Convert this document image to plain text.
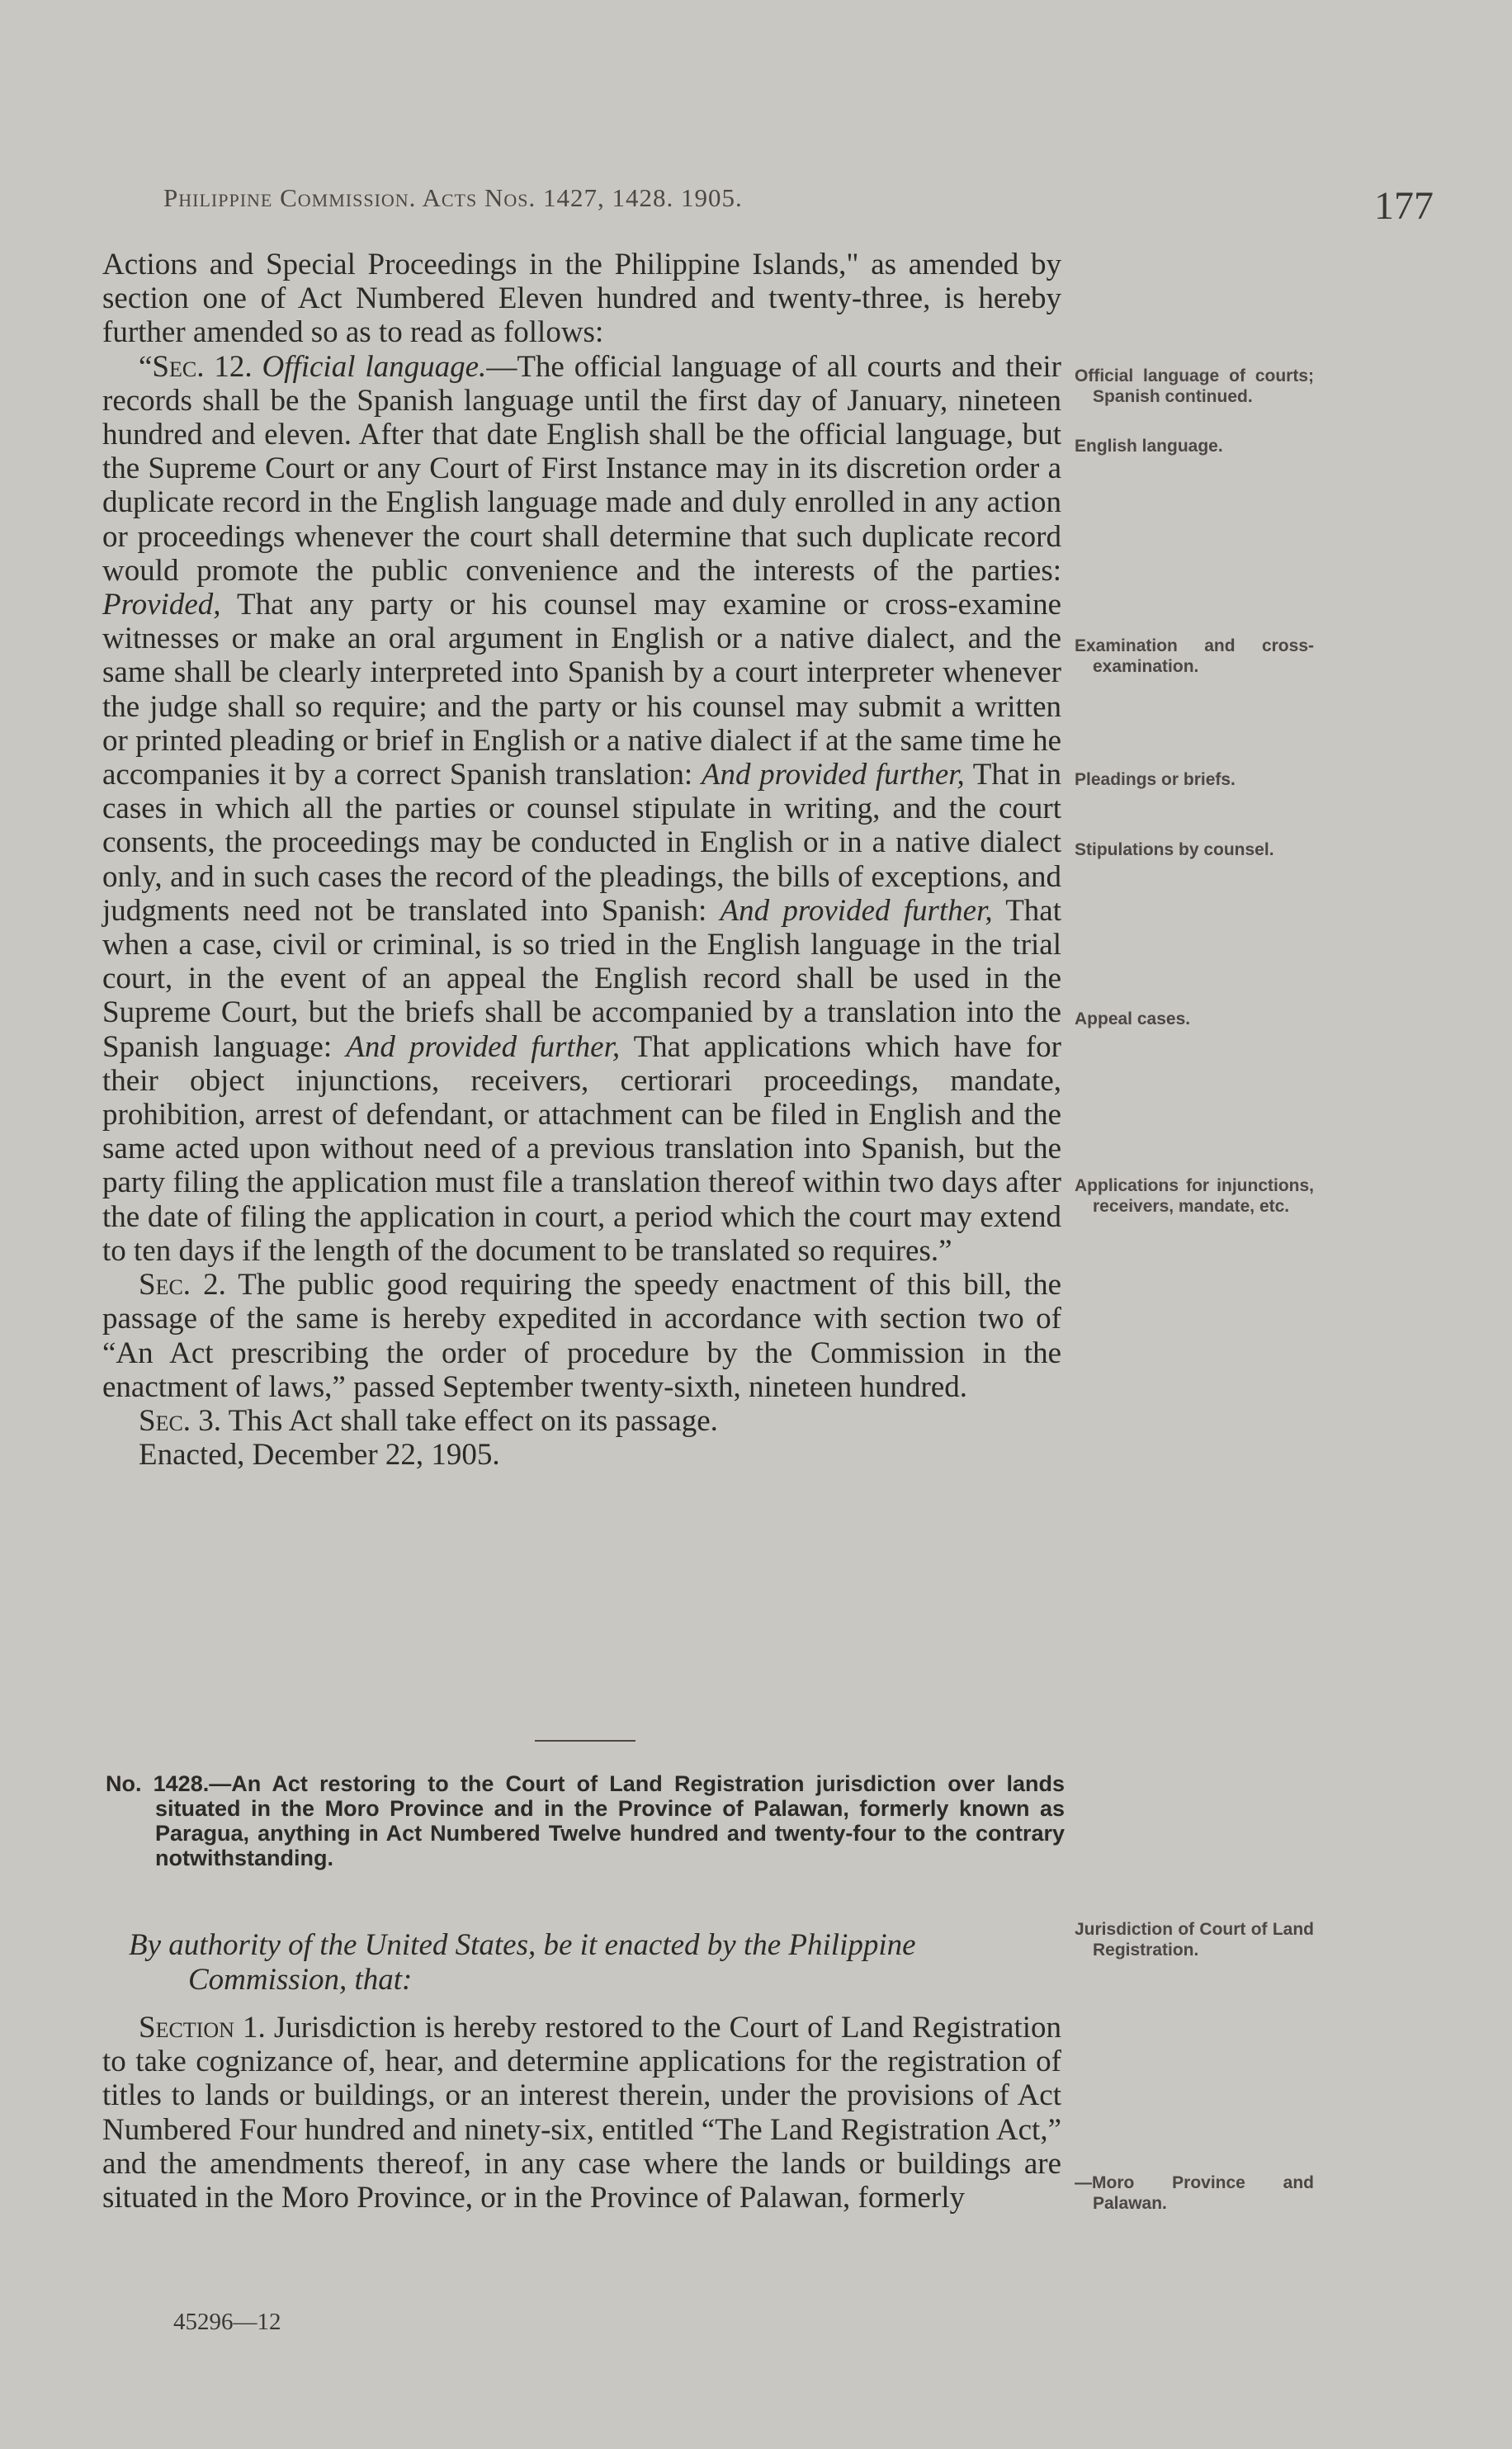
Philippine Commission. Acts Nos. 1427, 1428. 1905.	177

Actions and Special Proceedings in the Philippine Islands," as amended by section one of Act Numbered Eleven hundred and twenty-three, is hereby further amended so as to read as follows:

“Sec. 12. Official language.—The official language of all courts and their records shall be the Spanish language until the first day of January, nineteen hundred and eleven. After that date English shall be the official language, but the Supreme Court or any Court of First Instance may in its discretion order a duplicate record in the English language made and duly enrolled in any action or proceedings whenever the court shall determine that such duplicate record would promote the public convenience and the interests of the parties: Provided, That any party or his counsel may examine or cross-examine witnesses or make an oral argument in English or a native dialect, and the same shall be clearly interpreted into Spanish by a court interpreter whenever the judge shall so require; and the party or his counsel may submit a written or printed pleading or brief in English or a native dialect if at the same time he accompanies it by a correct Spanish translation: And provided further, That in cases in which all the parties or counsel stipulate in writing, and the court consents, the proceedings may be conducted in English or in a native dialect only, and in such cases the record of the pleadings, the bills of exceptions, and judgments need not be translated into Spanish: And provided further, That when a case, civil or criminal, is so tried in the English language in the trial court, in the event of an appeal the English record shall be used in the Supreme Court, but the briefs shall be accompanied by a translation into the Spanish language: And provided further, That applications which have for their object injunctions, receivers, certiorari proceedings, mandate, prohibition, arrest of defendant, or attachment can be filed in English and the same acted upon without need of a previous translation into Spanish, but the party filing the application must file a translation thereof within two days after the date of filing the application in court, a period which the court may extend to ten days if the length of the document to be translated so requires.”

Sec. 2. The public good requiring the speedy enactment of this bill, the passage of the same is hereby expedited in accordance with section two of “An Act prescribing the order of procedure by the Commission in the enactment of laws,” passed September twenty-sixth, nineteen hundred.

Sec. 3. This Act shall take effect on its passage.

Enacted, December 22, 1905.

No. 1428.—An Act restoring to the Court of Land Registration jurisdiction over lands situated in the Moro Province and in the Province of Palawan, formerly known as Paragua, anything in Act Numbered Twelve hundred and twenty-four to the contrary notwithstanding.
By authority of the United States, be it enacted by the Philippine Commission, that:

Section 1. Jurisdiction is hereby restored to the Court of Land Registration to take cognizance of, hear, and determine applications for the registration of titles to lands or buildings, or an interest therein, under the provisions of Act Numbered Four hundred and ninety-six, entitled “The Land Registration Act,” and the amendments thereof, in any case where the lands or buildings are situated in the Moro Province, or in the Province of Palawan, formerly

45296—12
Official language of courts; Spanish continued.
English language.
Examination and cross-examination.
Pleadings or briefs.
Stipulations by counsel.
Appeal cases.
Applications for injunctions, receivers, mandate, etc.
Jurisdiction of Court of Land Registration.
—Moro Province and Palawan.
